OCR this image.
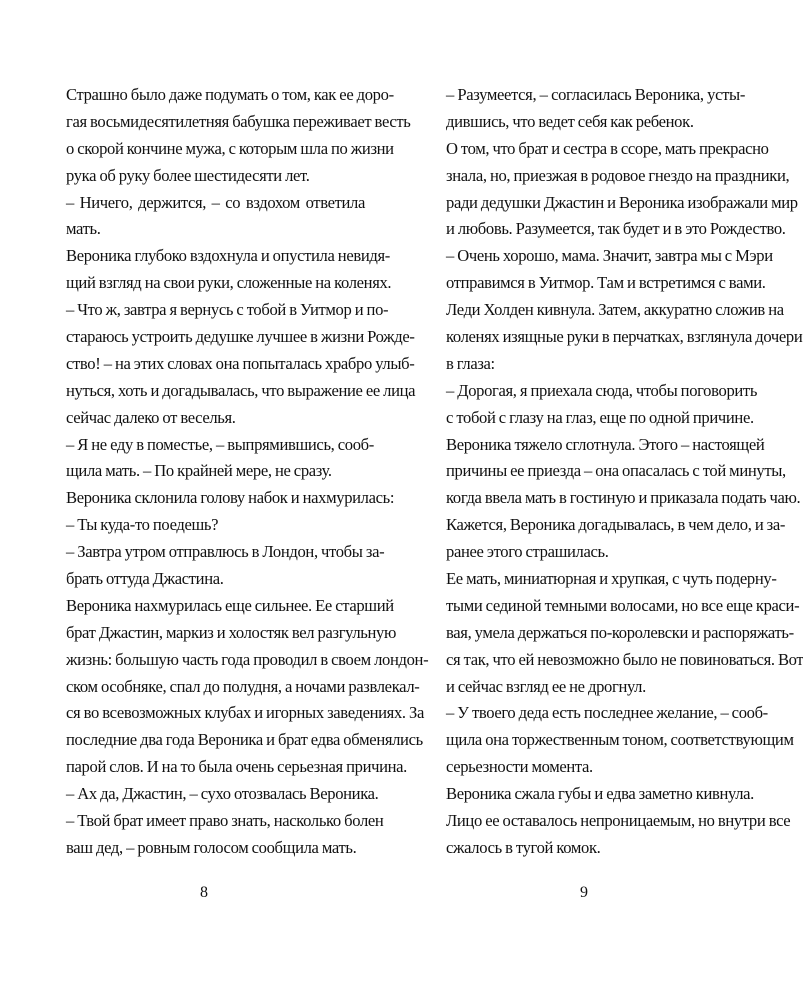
Страшно было даже подумать о том, как ее доро-
гая восьмидесятилетняя бабушка переживает весть
о скорой кончине мужа, с которым шла по жизни
рука об руку более шестидесяти лет.
– Ничего, держится, – со вздохом ответила
мать.
Вероника глубоко вздохнула и опустила невидя-
щий взгляд на свои руки, сложенные на коленях.
– Что ж, завтра я вернусь с тобой в Уитмор и по-
стараюсь устроить дедушке лучшее в жизни Рожде-
ство! – на этих словах она попыталась храбро улыб-
нуться, хоть и догадывалась, что выражение ее лица
сейчас далеко от веселья.
– Я не еду в поместье, – выпрямившись, сооб-
щила мать. – По крайней мере, не сразу.
Вероника склонила голову набок и нахмурилась:
– Ты куда-то поедешь?
– Завтра утром отправлюсь в Лондон, чтобы за-
брать оттуда Джастина.
Вероника нахмурилась еще сильнее. Ее старший
брат Джастин, маркиз и холостяк вел разгульную
жизнь: большую часть года проводил в своем лондон-
ском особняке, спал до полудня, а ночами развлекал-
ся во всевозможных клубах и игорных заведениях. За
последние два года Вероника и брат едва обменялись
парой слов. И на то была очень серьезная причина.
– Ах да, Джастин, – сухо отозвалась Вероника.
– Твой брат имеет право знать, насколько болен
ваш дед, – ровным голосом сообщила мать.
– Разумеется, – согласилась Вероника, усты-
дившись, что ведет себя как ребенок.
О том, что брат и сестра в ссоре, мать прекрасно
знала, но, приезжая в родовое гнездо на праздники,
ради дедушки Джастин и Вероника изображали мир
и любовь. Разумеется, так будет и в это Рождество.
– Очень хорошо, мама. Значит, завтра мы с Мэри
отправимся в Уитмор. Там и встретимся с вами.
Леди Холден кивнула. Затем, аккуратно сложив на
коленях изящные руки в перчатках, взглянула дочери
в глаза:
– Дорогая, я приехала сюда, чтобы поговорить
с тобой с глазу на глаз, еще по одной причине.
Вероника тяжело сглотнула. Этого – настоящей
причины ее приезда – она опасалась с той минуты,
когда ввела мать в гостиную и приказала подать чаю.
Кажется, Вероника догадывалась, в чем дело, и за-
ранее этого страшилась.
Ее мать, миниатюрная и хрупкая, с чуть подерну-
тыми сединой темными волосами, но все еще краси-
вая, умела держаться по-королевски и распоряжать-
ся так, что ей невозможно было не повиноваться. Вот
и сейчас взгляд ее не дрогнул.
– У твоего деда есть последнее желание, – сооб-
щила она торжественным тоном, соответствующим
серьезности момента.
Вероника сжала губы и едва заметно кивнула.
Лицо ее оставалось непроницаемым, но внутри все
сжалось в тугой комок.
8	9
